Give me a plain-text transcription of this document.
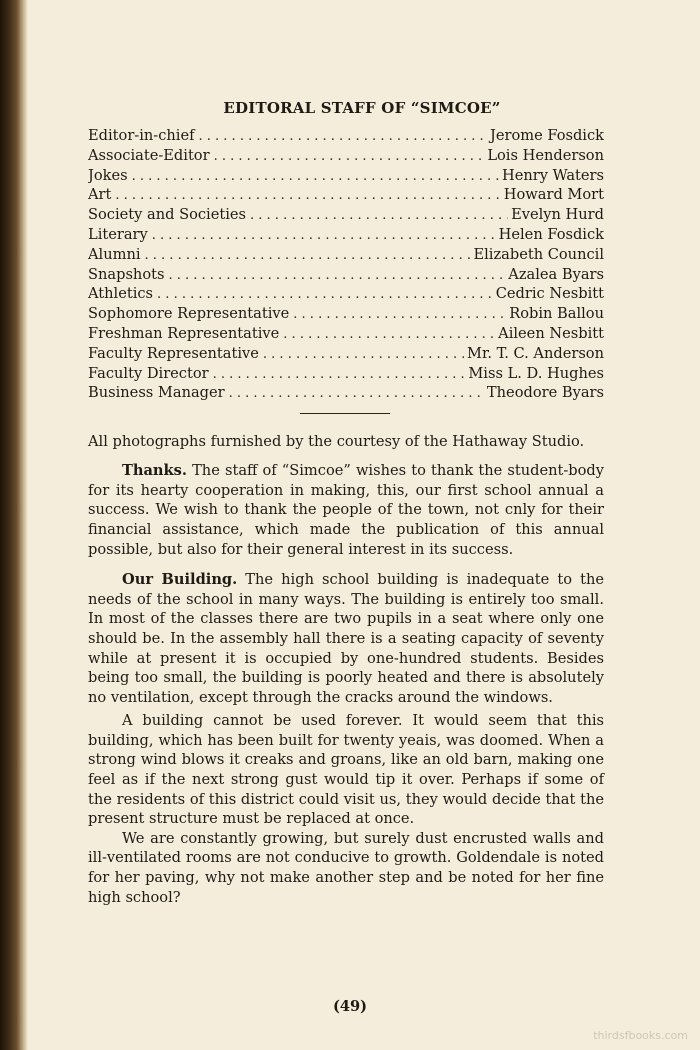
EDITORAL STAFF OF “SIMCOE”
Editor-in-chief . . .	Jerome Fosdick
Associate-Editor . . .	Lois Henderson
Jokes . . .	Henry Waters
Art . . .	Howard Mort
Society and Societies . . .	Evelyn Hurd
Literary . . .	Helen Fosdick
Alumni . . .	Elizabeth Council
Snapshots . . .	Azalea Byars
Athletics . . .	Cedric Nesbitt
Sophomore Representative . . .	Robin Ballou
Freshman Representative . . .	Aileen Nesbitt
Faculty Representative . . .	Mr. T. C. Anderson
Faculty Director . . .	Miss L. D. Hughes
Business Manager . . .	Theodore Byars

All photographs furnished by the courtesy of the Hathaway Studio.

Thanks. The staff of “Simcoe” wishes to thank the student-body for its hearty cooperation in making, this, our first school annual a success. We wish to thank the people of the town, not cnly for their financial assistance, which made the publication of this annual possible, but also for their general interest in its success.

Our Building. The high school building is inadequate to the needs of the school in many ways. The building is entirely too small. In most of the classes there are two pupils in a seat where only one should be. In the assembly hall there is a seating capacity of seventy while at present it is occupied by one-hundred students. Besides being too small, the building is poorly heated and there is absolutely no ventilation, except through the cracks around the windows.

A building cannot be used forever. It would seem that this building, which has been built for twenty yeais, was doomed. When a strong wind blows it creaks and groans, like an old barn, making one feel as if the next strong gust would tip it over. Perhaps if some of the residents of this district could visit us, they would decide that the present structure must be replaced at once.

We are constantly growing, but surely dust encrusted walls and ill-ventilated rooms are not conducive to growth. Goldendale is noted for her paving, why not make another step and be noted for her fine high school?

(49)
thirdsfbooks.com
